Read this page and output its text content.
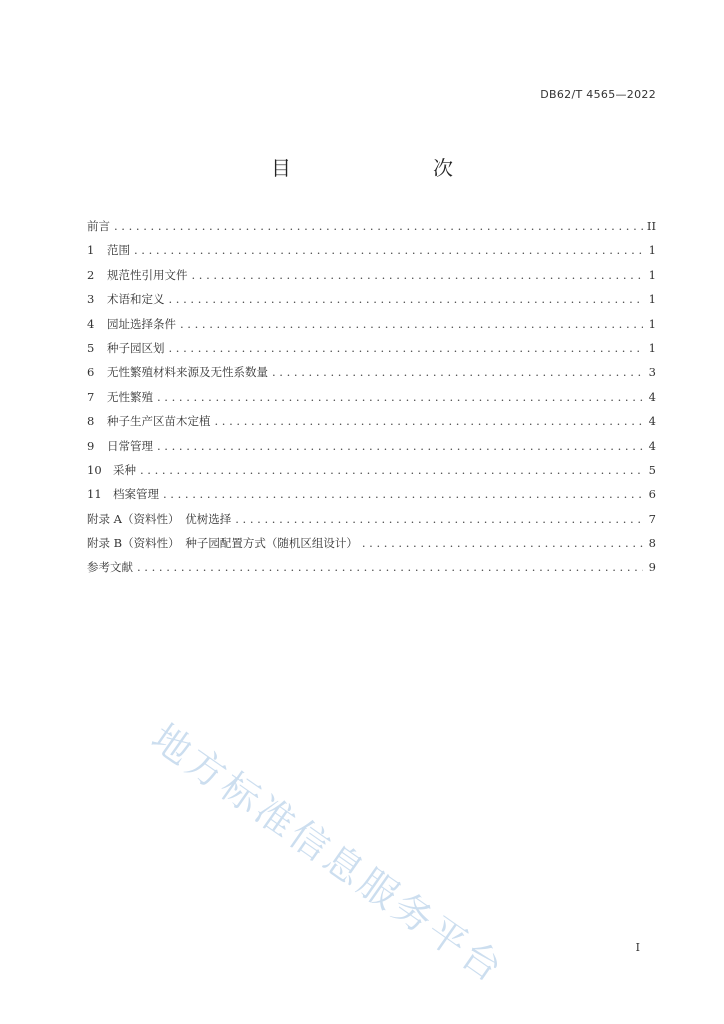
DB62/T 4565—2022
目　　次
前言 . . .	II
1	范围 . . .	1
2	规范性引用文件 . . .	1
3	术语和定义 . . .	1
4	园址选择条件 . . .	1
5	种子园区划 . . .	1
6	无性繁殖材料来源及无性系数量 . . .	3
7	无性繁殖 . . .	4
8	种子生产区苗木定植 . . .	4
9	日常管理 . . .	4
10 采种 . . .	5
11 档案管理 . . .	6
附录 A（资料性）　优树选择 . . .	7
附录 B（资料性）　种子园配置方式（随机区组设计） . . .	8
参考文献 . . .	9
地方标准信息服务平台	I
